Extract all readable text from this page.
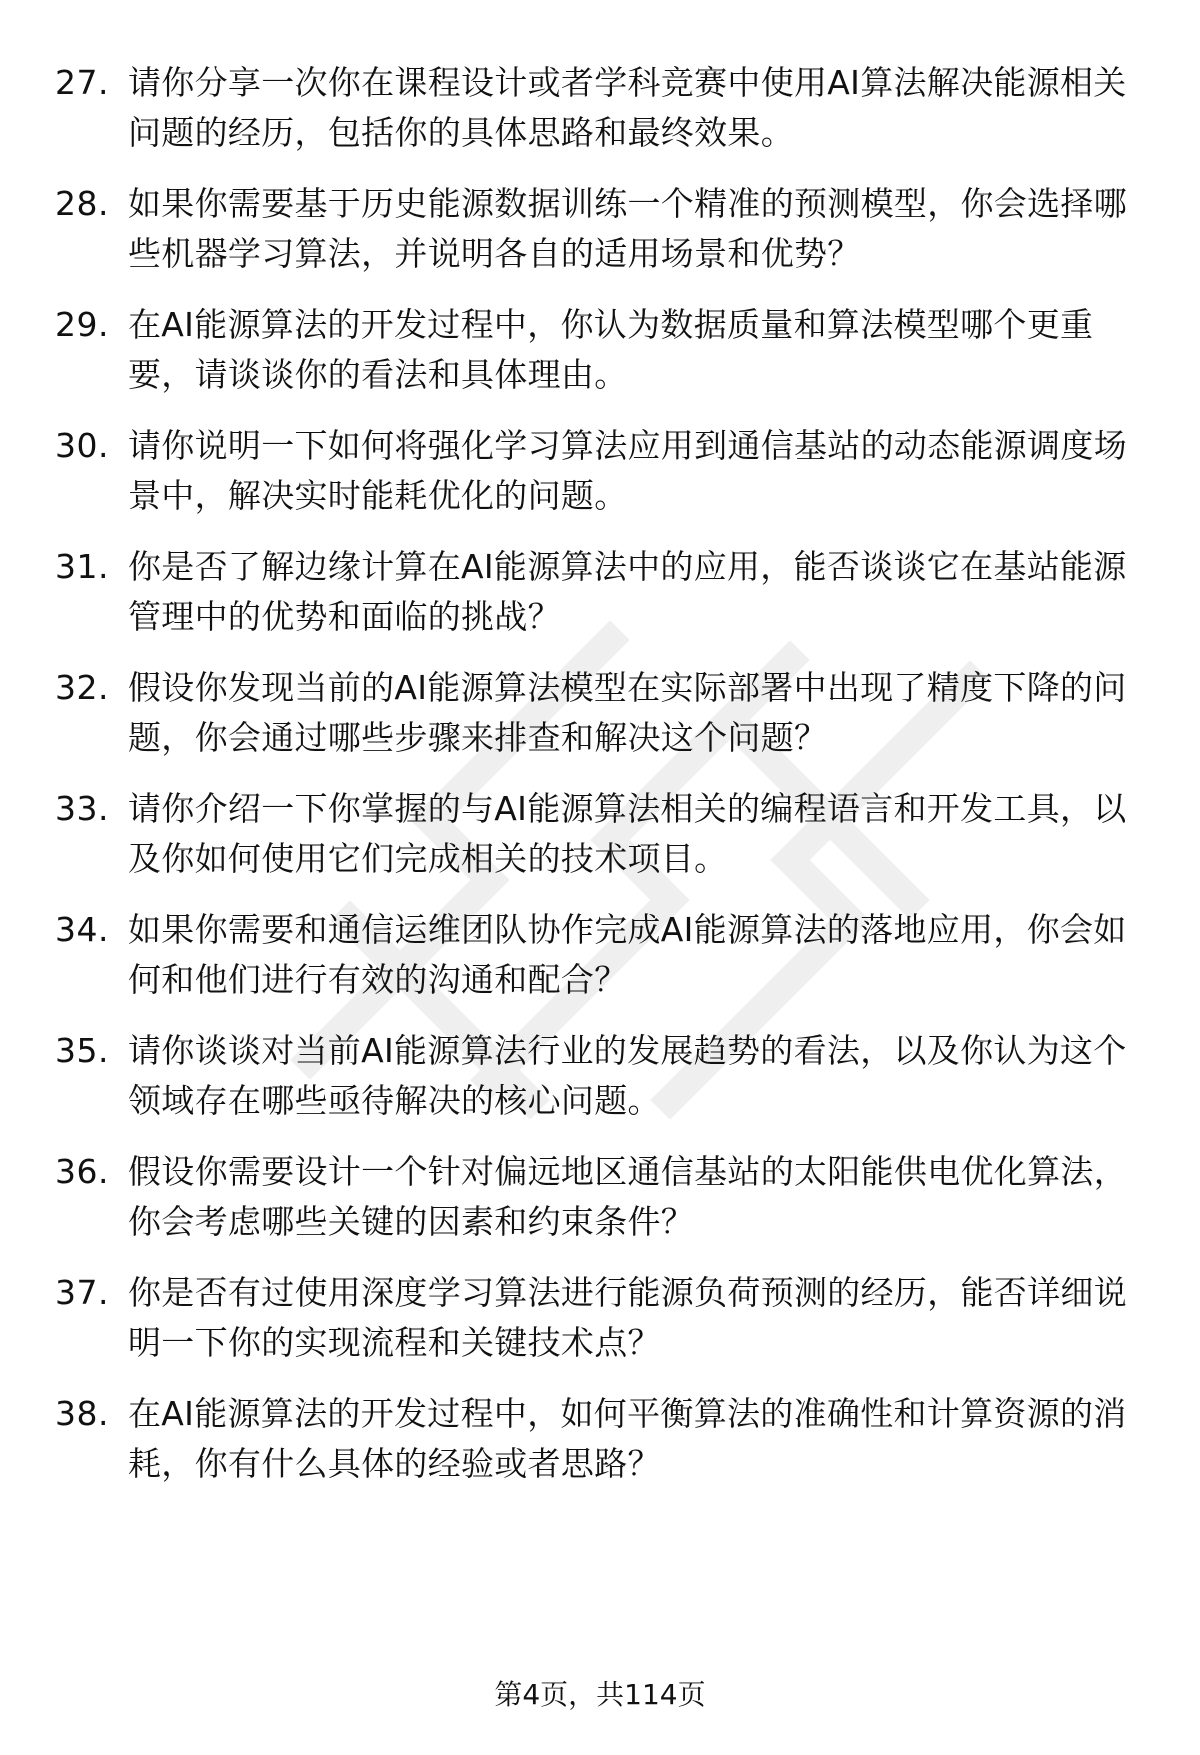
27. 请你分享一次你在课程设计或者学科竞赛中使用AI算法解决能源相关问题的经历，包括你的具体思路和最终效果。
28. 如果你需要基于历史能源数据训练一个精准的预测模型，你会选择哪些机器学习算法，并说明各自的适用场景和优势？
29. 在AI能源算法的开发过程中，你认为数据质量和算法模型哪个更重要，请谈谈你的看法和具体理由。
30. 请你说明一下如何将强化学习算法应用到通信基站的动态能源调度场景中，解决实时能耗优化的问题。
31. 你是否了解边缘计算在AI能源算法中的应用，能否谈谈它在基站能源管理中的优势和面临的挑战？
32. 假设你发现当前的AI能源算法模型在实际部署中出现了精度下降的问题，你会通过哪些步骤来排查和解决这个问题？
33. 请你介绍一下你掌握的与AI能源算法相关的编程语言和开发工具，以及你如何使用它们完成相关的技术项目。
34. 如果你需要和通信运维团队协作完成AI能源算法的落地应用，你会如何和他们进行有效的沟通和配合？
35. 请你谈谈对当前AI能源算法行业的发展趋势的看法，以及你认为这个领域存在哪些亟待解决的核心问题。
36. 假设你需要设计一个针对偏远地区通信基站的太阳能供电优化算法，你会考虑哪些关键的因素和约束条件？
37. 你是否有过使用深度学习算法进行能源负荷预测的经历，能否详细说明一下你的实现流程和关键技术点？
38. 在AI能源算法的开发过程中，如何平衡算法的准确性和计算资源的消耗，你有什么具体的经验或者思路？
第4页，共114页
